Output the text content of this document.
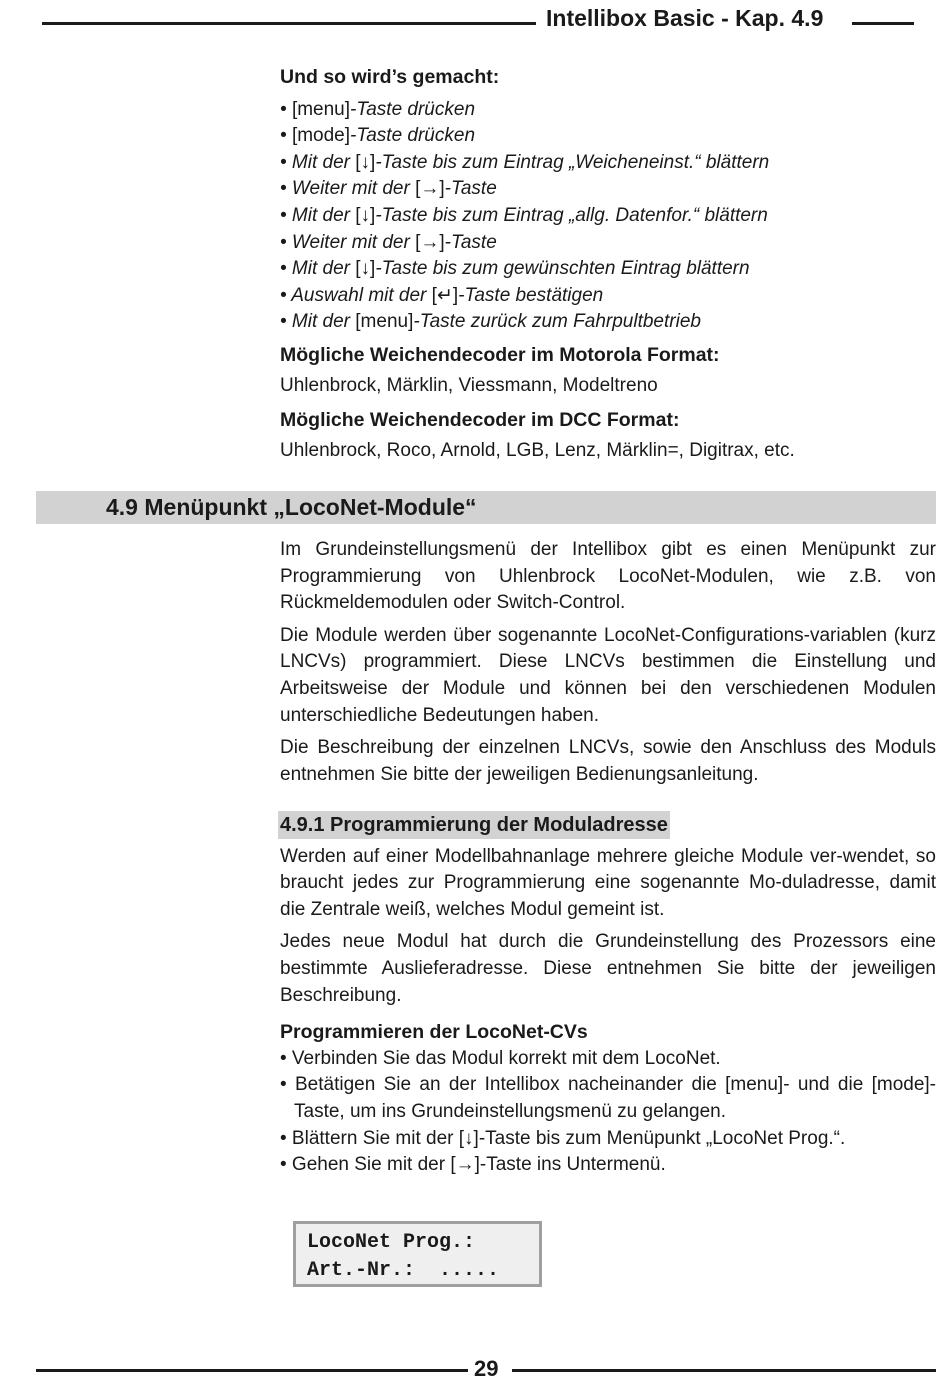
Intellibox Basic - Kap. 4.9
Und so wird’s gemacht:
• [menu]-Taste drücken
• [mode]-Taste drücken
• Mit der [↓]-Taste bis zum Eintrag „Weicheneinst.“ blättern
• Weiter mit der [→]-Taste
• Mit der [↓]-Taste bis zum Eintrag „allg. Datenfor.“ blättern
• Weiter mit der [→]-Taste
• Mit der [↓]-Taste bis zum gewünschten Eintrag blättern
• Auswahl mit der [↵]-Taste bestätigen
• Mit der [menu]-Taste zurück zum Fahrpultbetrieb
Mögliche Weichendecoder im Motorola Format:
Uhlenbrock, Märklin, Viessmann, Modeltreno
Mögliche Weichendecoder im DCC Format:
Uhlenbrock, Roco, Arnold, LGB, Lenz, Märklin=, Digitrax, etc.
4.9 Menüpunkt „LocoNet-Module“

Im Grundeinstellungsmenü der Intellibox gibt es einen Menüpunkt zur Programmierung von Uhlenbrock LocoNet-Modulen, wie z.B. von Rückmeldemodulen oder Switch-Control.

Die Module werden über sogenannte LocoNet-Configurations-variablen (kurz LNCVs) programmiert. Diese LNCVs bestimmen die Einstellung und Arbeitsweise der Module und können bei den verschiedenen Modulen unterschiedliche Bedeutungen haben.

Die Beschreibung der einzelnen LNCVs, sowie den Anschluss des Moduls entnehmen Sie bitte der jeweiligen Bedienungsanleitung.

4.9.1 Programmierung der Moduladresse

Werden auf einer Modellbahnanlage mehrere gleiche Module ver-wendet, so braucht jedes zur Programmierung eine sogenannte Mo-duladresse, damit die Zentrale weiß, welches Modul gemeint ist.

Jedes neue Modul hat durch die Grundeinstellung des Prozessors eine bestimmte Auslieferadresse. Diese entnehmen Sie bitte der jeweiligen Beschreibung.

Programmieren der LocoNet-CVs
• Verbinden Sie das Modul korrekt mit dem LocoNet.
• Betätigen Sie an der Intellibox nacheinander die [menu]- und die [mode]-Taste, um ins Grundeinstellungsmenü zu gelangen.
• Blättern Sie mit der [↓]-Taste bis zum Menüpunkt „LocoNet Prog.“.
• Gehen Sie mit der [→]-Taste ins Untermenü.
LocoNet Prog.:
Art.-Nr.:  .....
29
